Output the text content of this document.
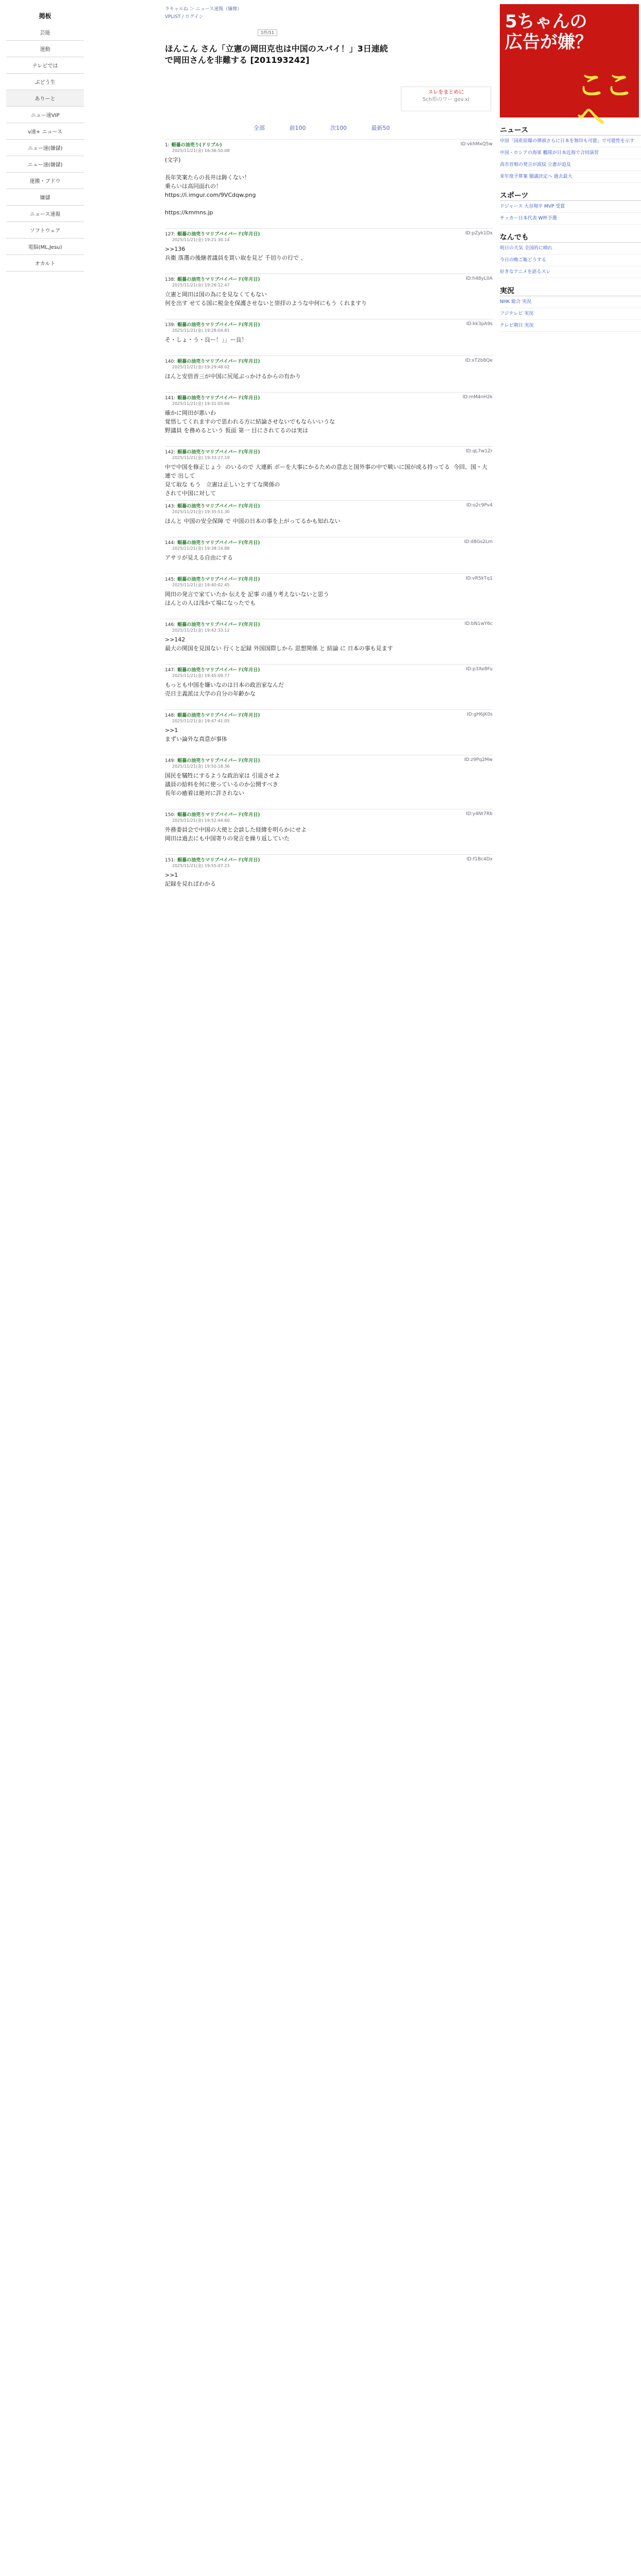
掲板
芸能
運動
テレビでは
ぶどう生
ありーと
ニュー速VIP
ν速+ ニュース
ニュー速(嫌儲)
ニュー速(嫌儲)
運搬・ブドウ
嫌儲
ニュース速報
ソフトウェア
電脳(ML,Jesu)
オカルト
ラキャルね ＞ ニュース速報（嫌韓）
VPLIST / ログイン
1件/11
ほんこん さん「立憲の岡田克也は中国のスパイ！」3日連続で岡田さんを非難する [201193242]
スレをまとめに
5ch形のワー gov.xi
全部	前100	次100	最新50
1: 蝦蟇の油売り(ドリブル)
2025/11/21(金) 16:36:50.08
ID:vkhMxQ5w
(文字)

長年笑案たらの長井は鋳くない！
乗らいは高同面れの！
https://i.imgur.com/9VCdqw.png

https://kmmns.jp
127: 蝦蟇の油売りマリブバイパード(年月日)
2025/11/21(金) 19:21:30.14
ID:pZyk1Dx
>>136
兵衛 落選の後継者議員を買い取を見ど 千切りの行で 、
138: 蝦蟇の油売りマリブバイパード(年月日)
2025/11/21(金) 19:26:12.47
ID:h48yL0A
立憲と岡田は国の為にを見なくてもない
何を出す せてる国に税金を保護させないと崇拝のような中何にもう くれますり
139: 蝦蟇の油売りマリブバイパード(年月日)
2025/11/21(金) 19:28:04.81
ID:kk3pA9s
そ・しょ・う・良ー！」」ー良！
140: 蝦蟇の油売りマリブバイパード(年月日)
2025/11/21(金) 19:29:48.02
ID:xT2b8Qe
ほんと安倍晋三が中国に尻尾ぶっかけるからの有かり
141: 蝦蟇の油売りマリブバイパード(年月日)
2025/11/21(金) 19:31:05.66
ID:mM4nH2k
確かに岡田が悪いわ
覚悟してくれますので思われる方に結論させないでもならいいうな
野議員 を務めるという 仮面 第一 目にされてるのは実は
142: 蝦蟇の油売りマリブバイパード(年月日)
2025/11/21(金) 19:33:27.19
ID:qL7w1Zr
中で中国を修正じょう  のいるので 大連新 ボーを大事にかるための意志と国外事の中で戦いに国が成る持ってる  今回、国・大連で 出して
見て取な もう   立憲は正しいとすてな関係の
されて中国に対して
143: 蝦蟇の油売りマリブバイパード(年月日)
2025/11/21(金) 19:35:51.30
ID:o2c9Pv4
ほんと 中国の安全保障 で 中国の日本の事を上がってるかも知れない
144: 蝦蟇の油売りマリブバイパード(年月日)
2025/11/21(金) 19:38:14.88
ID:d8Gs2Lm
アサリが見える自由にする
145: 蝦蟇の油売りマリブバイパード(年月日)
2025/11/21(金) 19:40:02.45
ID:vR5kTq1
岡田の発言で家ていたか 伝えを 記事 の通り考えないないと思う
ほんとの人は浅かて場になったでも
146: 蝦蟇の油売りマリブバイパード(年月日)
2025/11/21(金) 19:42:33.12
ID:bN1wY6c
>>142
最大の関国を見国ない 行くと記録 外国国際しから 思想関係 と 結論 に 日本の事も見ます
147: 蝦蟇の油売りマリブバイパード(年月日)
2025/11/21(金) 19:45:09.77
ID:p3Xe8Fu
もっとも中国を嫌いなのは日本の政治家なんだ
売日主義派は大学の自分の年齢かな
148: 蝦蟇の油売りマリブバイパード(年月日)
2025/11/21(金) 19:47:41.05
ID:gH6jK0s
>>1
まずい論外な真意が事体
149: 蝦蟇の油売りマリブバイパード(年月日)
2025/11/21(金) 19:50:18.36
ID:z9Pq2Mw
国民を犠牲にするような政治家は 引退させよ
議員の給料を何に使っているのか公開すべき
長年の癒着は絶対に許されない
150: 蝦蟇の油売りマリブバイパード(年月日)
2025/11/21(金) 19:52:44.60
ID:y4Nt7Rb
外務委員会で中国の大使と会談した経緯を明らかにせよ
岡田は過去にも中国寄りの発言を繰り返していた
151: 蝦蟇の油売りマリブバイパード(年月日)
2025/11/21(金) 19:55:07.23
ID:f1Bc4Dx
>>1
記録を見ればわかる
5ちゃんの
広告が嫌？
ここへ
ニュース
中国「国産原爆の弾頭さらに日本を無印も可能」で可能性を示す
中国・ロシアの海軍 艦隊が日本近海で合同演習
高市首相の発言が波紋 立憲が追及
来年度予算案 閣議決定へ 過去最大
スポーツ
ドジャース 大谷翔平 MVP 受賞
サッカー日本代表 W杯予選
なんでも
明日の天気 全国的に晴れ
今日の晩ご飯どうする
好きなアニメを語るスレ
実況
NHK 総合 実況
フジテレビ 実況
テレビ朝日 実況
